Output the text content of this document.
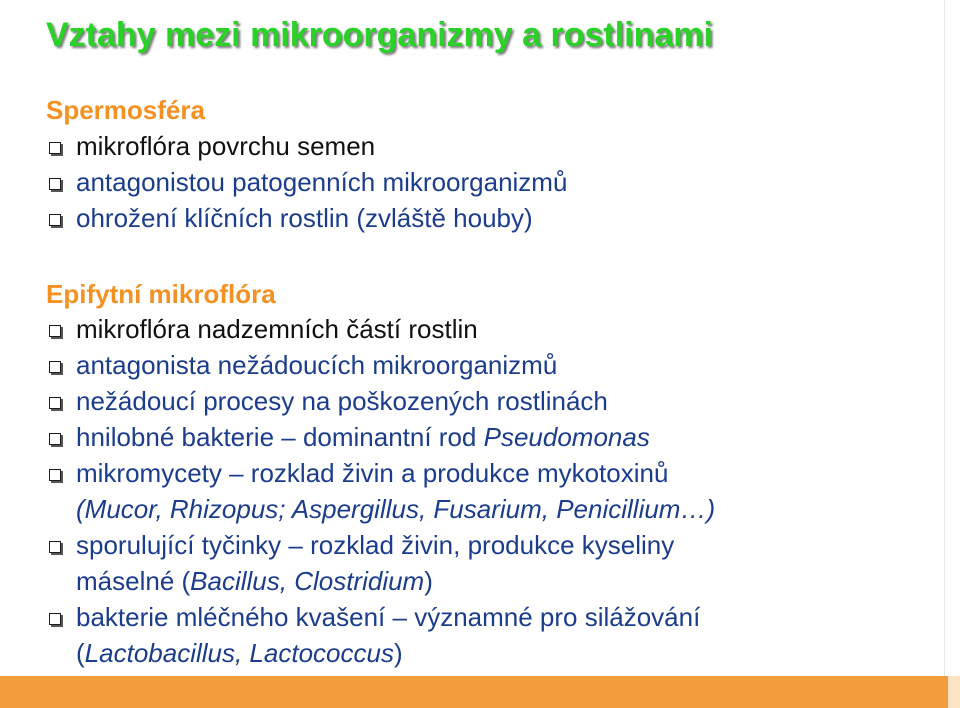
Vztahy mezi mikroorganizmy a rostlinami
Spermosféra
mikroflóra povrchu semen
antagonistou patogenních mikroorganizmů
ohrožení klíčních rostlin (zvláště houby)
Epifytní mikroflóra
mikroflóra nadzemních částí rostlin
antagonista nežádoucích mikroorganizmů
nežádoucí procesy na poškozených rostlinách
hnilobné bakterie – dominantní rod Pseudomonas
mikromycety – rozklad živin a produkce mykotoxinů
(Mucor, Rhizopus; Aspergillus, Fusarium, Penicillium…)
sporulující tyčinky – rozklad živin, produkce kyseliny
máselné (Bacillus, Clostridium)
bakterie mléčného kvašení – významné pro silážování
(Lactobacillus, Lactococcus)
